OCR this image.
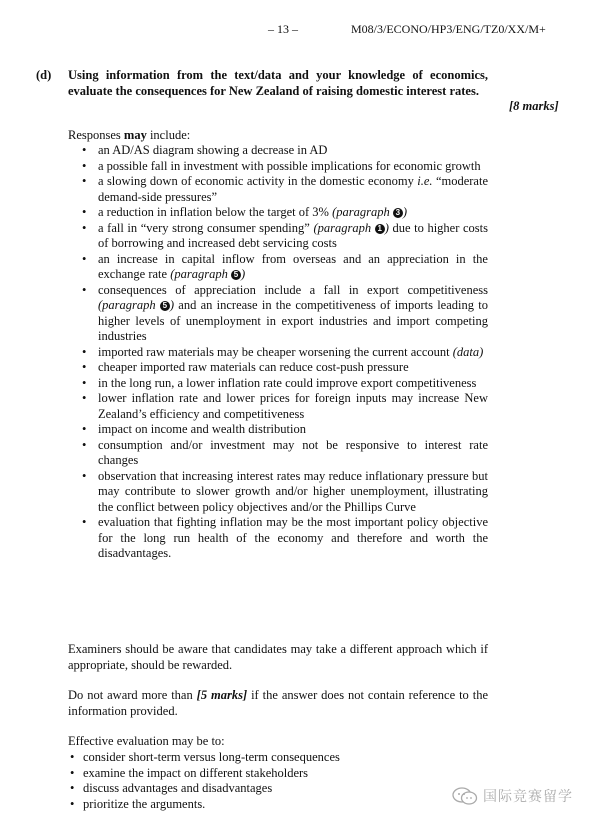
– 13 –	M08/3/ECONO/HP3/ENG/TZ0/XX/M+
(d) Using information from the text/data and your knowledge of economics, evaluate the consequences for New Zealand of raising domestic interest rates.
[8 marks]
Responses may include:
• an AD/AS diagram showing a decrease in AD
• a possible fall in investment with possible implications for economic growth
• a slowing down of economic activity in the domestic economy i.e. “moderate demand-side pressures”
• a reduction in inflation below the target of 3% (paragraph 3 )
• a fall in “very strong consumer spending” (paragraph 1 ) due to higher costs of borrowing and increased debt servicing costs
• an increase in capital inflow from overseas and an appreciation in the exchange rate (paragraph 5 )
• consequences of appreciation include a fall in export competitiveness (paragraph 5 ) and an increase in the competitiveness of imports leading to higher levels of unemployment in export industries and import competing industries
• imported raw materials may be cheaper worsening the current account (data)
• cheaper imported raw materials can reduce cost-push pressure
• in the long run, a lower inflation rate could improve export competitiveness
• lower inflation rate and lower prices for foreign inputs may increase New Zealand’s efficiency and competitiveness
• impact on income and wealth distribution
• consumption and/or investment may not be responsive to interest rate changes
• observation that increasing interest rates may reduce inflationary pressure but may contribute to slower growth and/or higher unemployment, illustrating the conflict between policy objectives and/or the Phillips Curve
• evaluation that fighting inflation may be the most important policy objective for the long run health of the economy and therefore and worth the disadvantages.
Examiners should be aware that candidates may take a different approach which if appropriate, should be rewarded.
Do not award more than [5 marks] if the answer does not contain reference to the information provided.
Effective evaluation may be to:
• consider short-term versus long-term consequences
• examine the impact on different stakeholders
• discuss advantages and disadvantages
• prioritize the arguments.	国际竞赛留学
